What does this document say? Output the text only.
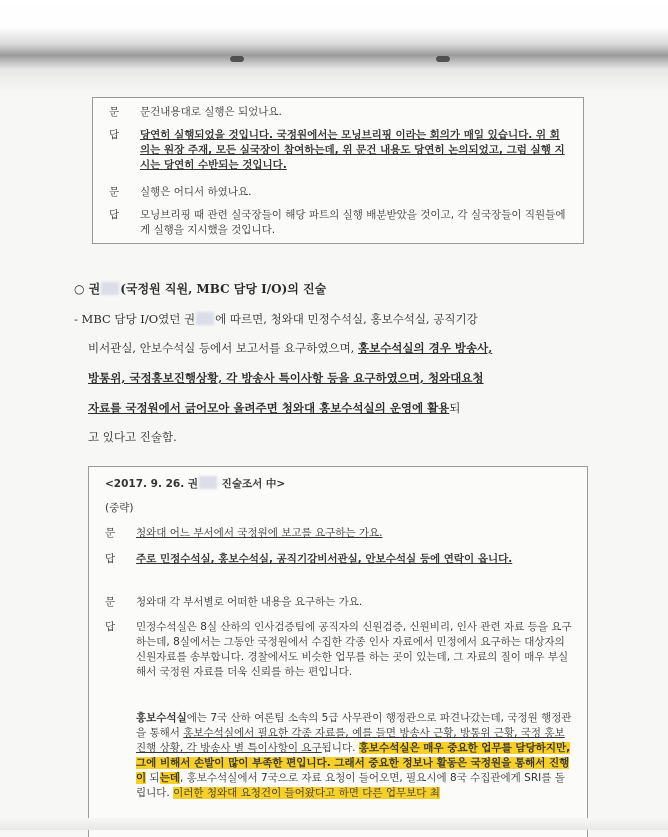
문	문건내용대로 실행은 되었나요.
답	당연히 실행되었을 것입니다. 국정원에서는 모닝브리핑 이라는 회의가 매일 있습니다. 위 회의는 원장 주재, 모든 실국장이 참여하는데, 위 문건 내용도 당연히 논의되었고, 그럼 실행 지시는 당연히 수반되는 것입니다.
문	실행은 어디서 하였나요.
답	모닝브리핑 때 관련 실국장들이 해당 파트의 실행 배분받았을 것이고, 각 실국장들이 직원들에게 실행을 지시했을 것입니다.
○ 권 (국정원 직원, MBC 담당 I/O)의 진술
- MBC 담당 I/O였던 권 에 따르면, 청와대 민정수석실, 홍보수석실, 공직기강
비서관실, 안보수석실 등에서 보고서를 요구하였으며, 홍보수석실의 경우 방송사,
방통위, 국정홍보진행상황, 각 방송사 특이사항 등을 요구하였으며, 청와대요청
자료를 국정원에서 긁어모아 올려주면 청와대 홍보수석실의 운영에 활용되
고 있다고 진술함.
<2017. 9. 26. 권 진술조서 中>
(중략)
문	청와대 어느 부서에서 국정원에 보고를 요구하는 가요.
답	주로 민정수석실, 홍보수석실, 공직기강비서관실, 안보수석실 등에 연락이 옵니다.
문	청와대 각 부서별로 어떠한 내용을 요구하는 가요.
답	민정수석실은 8실 산하의 인사검증팀에 공직자의 신원검증, 신원비리, 인사 관련 자료 등을 요구하는데, 8실에서는 그동안 국정원에서 수집한 각종 인사 자료에서 민정에서 요구하는 대상자의 신원자료를 송부합니다. 경찰에서도 비슷한 업무를 하는 곳이 있는데, 그 자료의 질이 매우 부실해서 국정원 자료를 더욱 신뢰를 하는 편입니다.
홍보수석실에는 7국 산하 여론팀 소속의 5급 사무관이 행정관으로 파견나갔는데, 국정원 행정관을 통해서 홍보수석실에서 필요한 각종 자료를, 예를 들면 방송사 근황, 방통위 근황, 국정 홍보 진행 상황, 각 방송사 별 특이사항이 요구됩니다. 홍보수석실은 매우 중요한 업무를 담당하지만, 그에 비해서 손발이 많이 부족한 편입니다. 그래서 중요한 정보나 활동은 국정원을 통해서 진행이 되는데, 홍보수석실에서 7국으로 자료 요청이 들어오면, 필요시에 8국 수집관에게 SRI를 돌립니다. 이러한 청와대 요청건이 들어왔다고 하면 다른 업무보다 최
